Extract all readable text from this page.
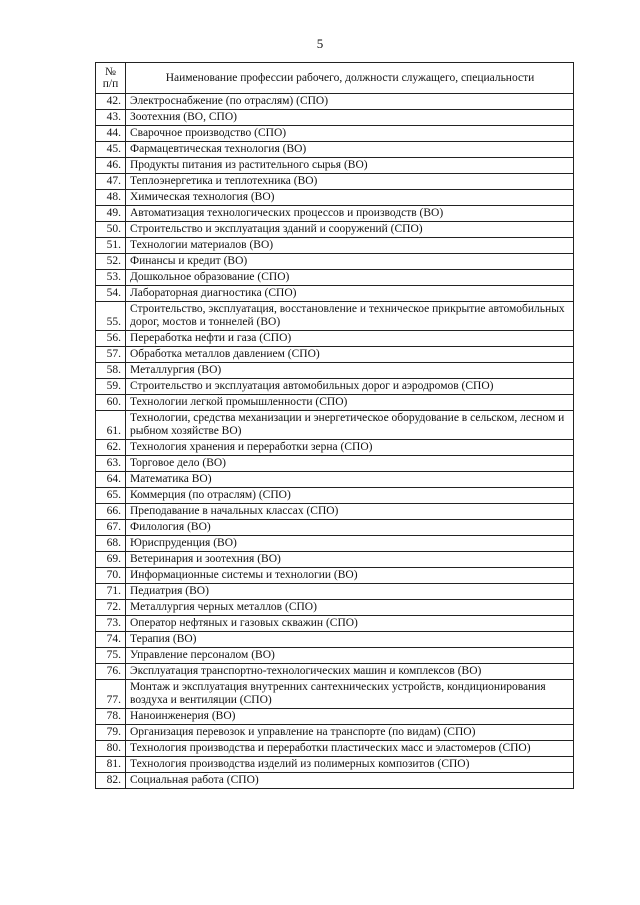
5
№
п/п	Наименование профессии рабочего, должности служащего, специальности
42.	Электроснабжение (по отраслям) (СПО)
43.	Зоотехния (ВО, СПО)
44.	Сварочное производство (СПО)
45.	Фармацевтическая технология (ВО)
46.	Продукты питания из растительного сырья (ВО)
47.	Теплоэнергетика и теплотехника (ВО)
48.	Химическая технология (ВО)
49.	Автоматизация технологических процессов и производств (ВО)
50.	Строительство и эксплуатация зданий и сооружений (СПО)
51.	Технологии материалов (ВО)
52.	Финансы и кредит (ВО)
53.	Дошкольное образование (СПО)
54.	Лабораторная диагностика (СПО)
55.	Строительство, эксплуатация, восстановление и техническое прикрытие автомобильных дорог, мостов и тоннелей (ВО)
56.	Переработка нефти и газа (СПО)
57.	Обработка металлов давлением (СПО)
58.	Металлургия (ВО)
59.	Строительство и эксплуатация автомобильных дорог и аэродромов (СПО)
60.	Технологии легкой промышленности (СПО)
61.	Технологии, средства механизации и энергетическое оборудование в сельском, лесном и рыбном хозяйстве ВО)
62.	Технология хранения и переработки зерна (СПО)
63.	Торговое дело (ВО)
64.	Математика ВО)
65.	Коммерция (по отраслям) (СПО)
66.	Преподавание в начальных классах (СПО)
67.	Филология (ВО)
68.	Юриспруденция (ВО)
69.	Ветеринария и зоотехния (ВО)
70.	Информационные системы и технологии (ВО)
71.	Педиатрия (ВО)
72.	Металлургия черных металлов (СПО)
73.	Оператор нефтяных и газовых скважин (СПО)
74.	Терапия (ВО)
75.	Управление персоналом (ВО)
76.	Эксплуатация транспортно-технологических машин и комплексов (ВО)
77.	Монтаж и эксплуатация внутренних сантехнических устройств, кондиционирования воздуха и вентиляции (СПО)
78.	Наноинженерия (ВО)
79.	Организация перевозок и управление на транспорте (по видам) (СПО)
80.	Технология производства и переработки пластических масс и эластомеров (СПО)
81.	Технология производства изделий из полимерных композитов (СПО)
82.	Социальная работа (СПО)
